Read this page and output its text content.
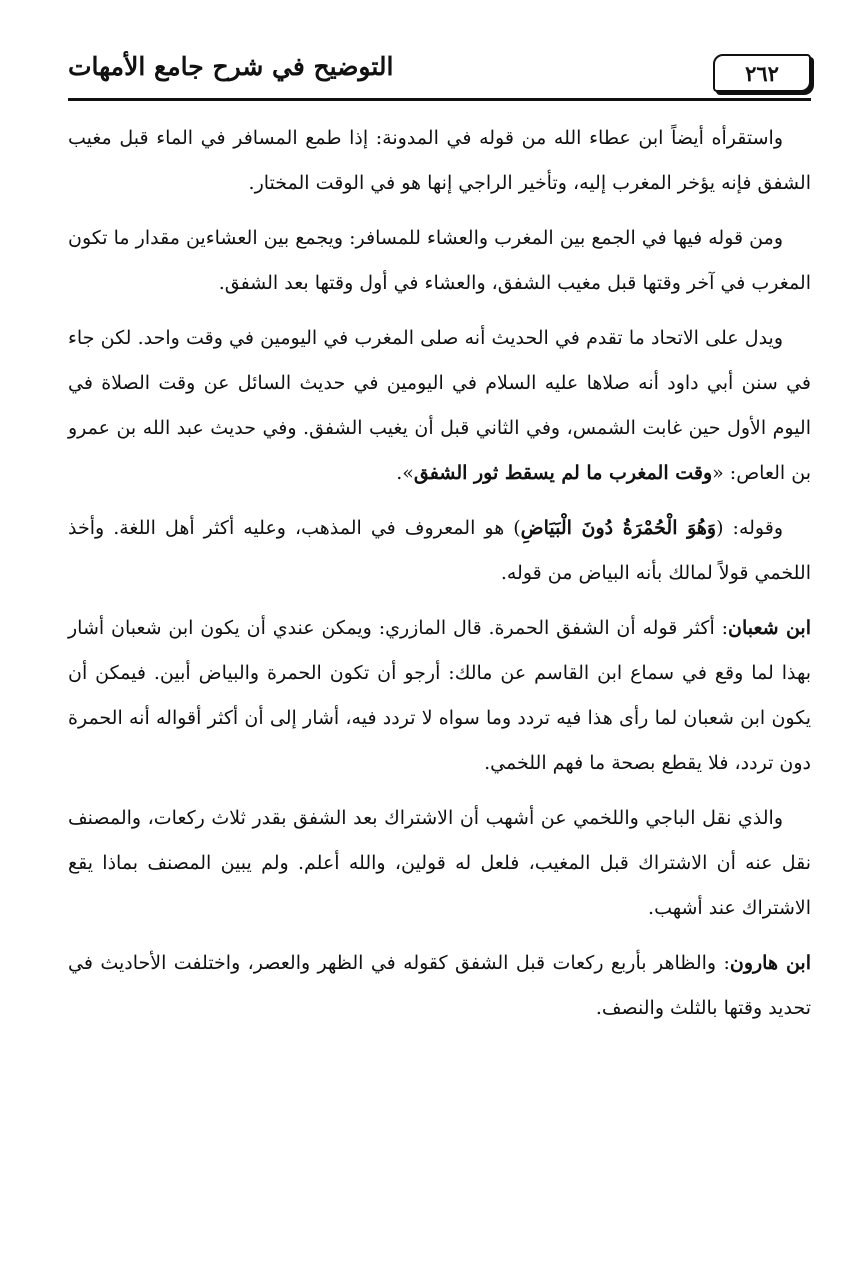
٢٦٢
التوضيح في شرح جامع الأمهات

واستقرأه أيضاً ابن عطاء الله من قوله في المدونة: إذا طمع المسافر في الماء قبل مغيب الشفق فإنه يؤخر المغرب إليه، وتأخير الراجي إنها هو في الوقت المختار.

ومن قوله فيها في الجمع بين المغرب والعشاء للمسافر: ويجمع بين العشاءين مقدار ما تكون المغرب في آخر وقتها قبل مغيب الشفق، والعشاء في أول وقتها بعد الشفق.

ويدل على الاتحاد ما تقدم في الحديث أنه صلى المغرب في اليومين في وقت واحد. لكن جاء في سنن أبي داود أنه صلاها عليه السلام في اليومين في حديث السائل عن وقت الصلاة في اليوم الأول حين غابت الشمس، وفي الثاني قبل أن يغيب الشفق. وفي حديث عبد الله بن عمرو بن العاص: «وقت المغرب ما لم يسقط ثور الشفق».

وقوله: (وَهُوَ الْحُمْرَةُ دُونَ الْبَيَاضِ) هو المعروف في المذهب، وعليه أكثر أهل اللغة. وأخذ اللخمي قولاً لمالك بأنه البياض من قوله.

ابن شعبان: أكثر قوله أن الشفق الحمرة. قال المازري: ويمكن عندي أن يكون ابن شعبان أشار بهذا لما وقع في سماع ابن القاسم عن مالك: أرجو أن تكون الحمرة والبياض أبين. فيمكن أن يكون ابن شعبان لما رأى هذا فيه تردد وما سواه لا تردد فيه، أشار إلى أن أكثر أقواله أنه الحمرة دون تردد، فلا يقطع بصحة ما فهم اللخمي.

والذي نقل الباجي واللخمي عن أشهب أن الاشتراك بعد الشفق بقدر ثلاث ركعات، والمصنف نقل عنه أن الاشتراك قبل المغيب، فلعل له قولين، والله أعلم. ولم يبين المصنف بماذا يقع الاشتراك عند أشهب.

ابن هارون: والظاهر بأربع ركعات قبل الشفق كقوله في الظهر والعصر، واختلفت الأحاديث في تحديد وقتها بالثلث والنصف.
